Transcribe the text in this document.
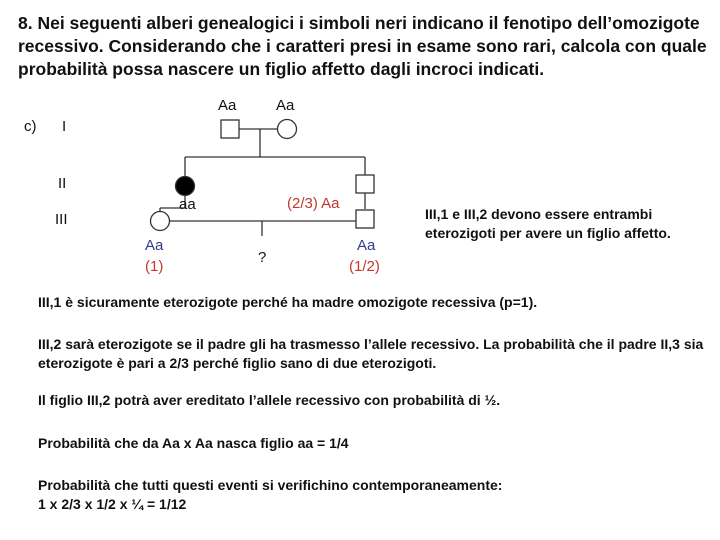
8. Nei seguenti alberi genealogici i simboli neri indicano il fenotipo dell’omozigote recessivo. Considerando che i caratteri presi in esame sono rari, calcola con quale probabilità possa nascere un figlio affetto dagli incroci indicati.
c) I
II
III
Aa	Aa
aa	(2/3) Aa
Aa
(1)
?
Aa
(1/2)
III,1 e III,2 devono essere entrambi eterozigoti per avere un figlio affetto.
III,1 è sicuramente eterozigote perché ha madre omozigote recessiva (p=1).
III,2 sarà eterozigote se il padre gli ha trasmesso l’allele recessivo. La probabilità che il padre II,3 sia eterozigote è pari a 2/3 perché figlio sano di due eterozigoti.
Il figlio III,2 potrà aver ereditato l’allele recessivo con probabilità di ½.
Probabilità che da Aa x Aa nasca figlio aa = 1/4
Probabilità che tutti questi eventi si verifichino contemporaneamente:
1 x 2/3 x 1/2 x ¼ = 1/12
